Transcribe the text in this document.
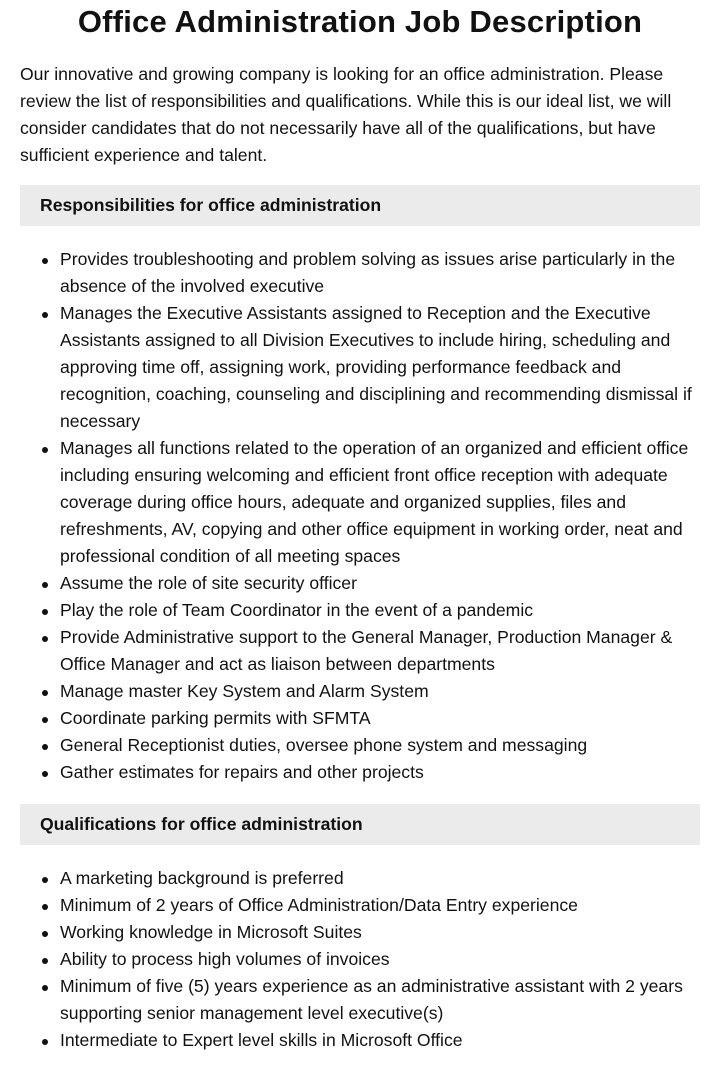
Office Administration Job Description

Our innovative and growing company is looking for an office administration. Please review the list of responsibilities and qualifications. While this is our ideal list, we will consider candidates that do not necessarily have all of the qualifications, but have sufficient experience and talent.

Responsibilities for office administration
Provides troubleshooting and problem solving as issues arise particularly in the absence of the involved executive
Manages the Executive Assistants assigned to Reception and the Executive Assistants assigned to all Division Executives to include hiring, scheduling and approving time off, assigning work, providing performance feedback and recognition, coaching, counseling and disciplining and recommending dismissal if necessary
Manages all functions related to the operation of an organized and efficient office including ensuring welcoming and efficient front office reception with adequate coverage during office hours, adequate and organized supplies, files and refreshments, AV, copying and other office equipment in working order, neat and professional condition of all meeting spaces
Assume the role of site security officer
Play the role of Team Coordinator in the event of a pandemic
Provide Administrative support to the General Manager, Production Manager & Office Manager and act as liaison between departments
Manage master Key System and Alarm System
Coordinate parking permits with SFMTA
General Receptionist duties, oversee phone system and messaging
Gather estimates for repairs and other projects
Qualifications for office administration
A marketing background is preferred
Minimum of 2 years of Office Administration/Data Entry experience
Working knowledge in Microsoft Suites
Ability to process high volumes of invoices
Minimum of five (5) years experience as an administrative assistant with 2 years supporting senior management level executive(s)
Intermediate to Expert level skills in Microsoft Office
